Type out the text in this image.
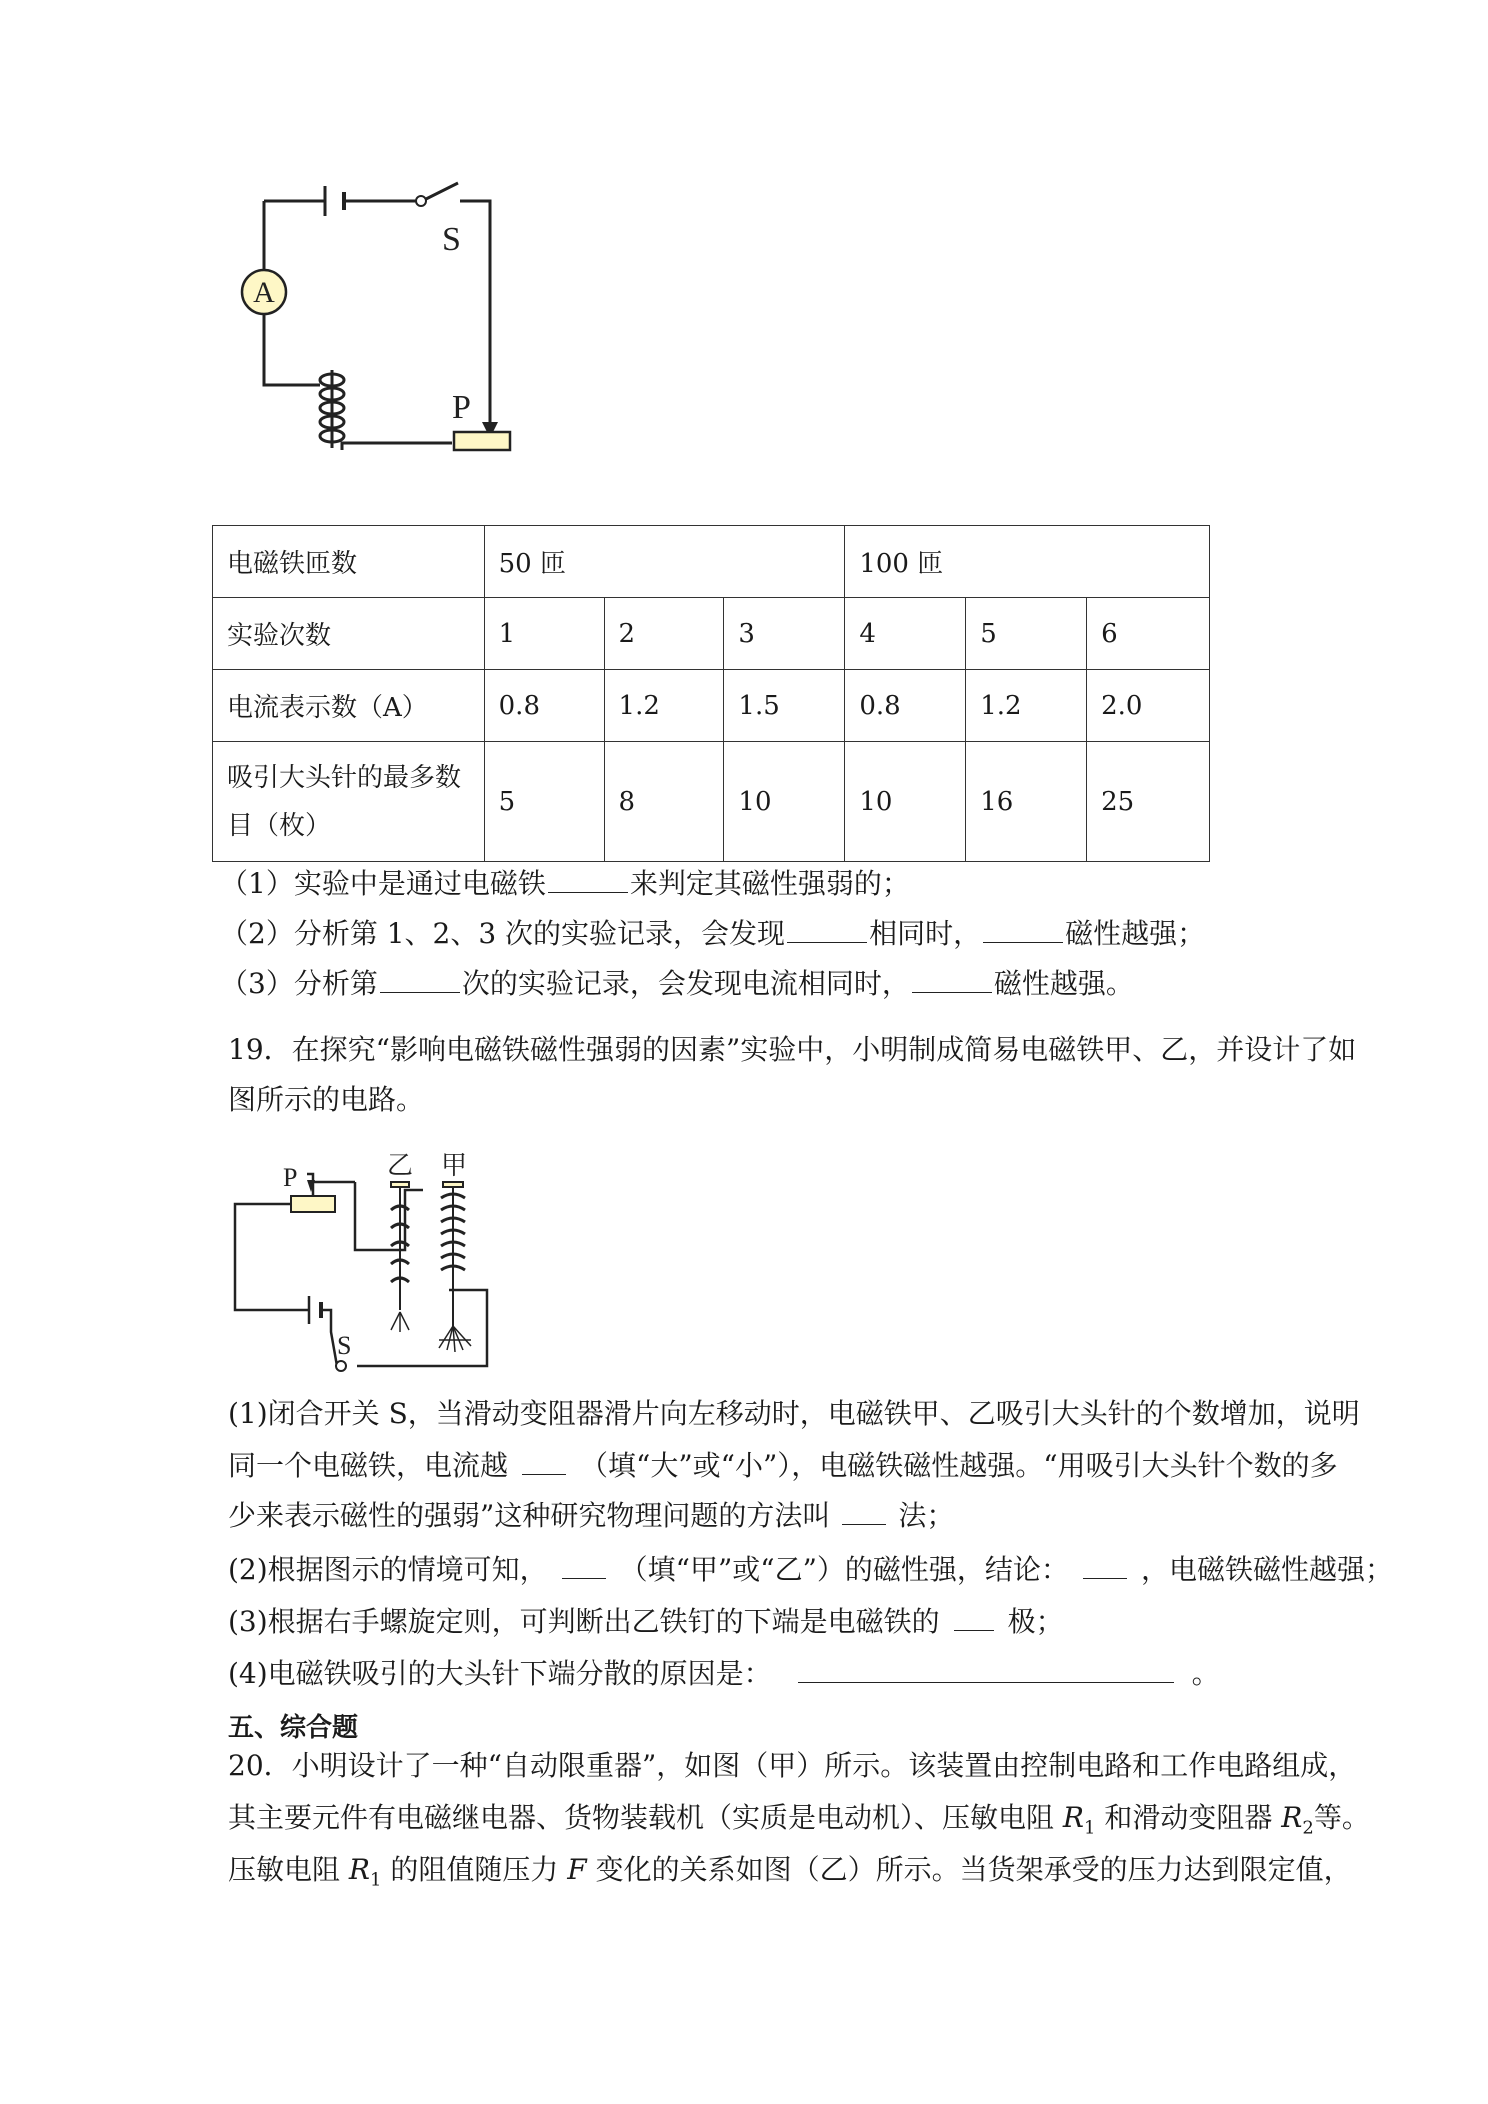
A
S
P
电磁铁匝数	50 匝			100 匝		
实验次数	1	2	3	4	5	6
电流表示数（A）	0.8	1.2	1.5	0.8	1.2	2.0
吸引大头针的最多数
目（枚）	5	8	10	10	16	25
（1）实验中是通过电磁铁	来判定其磁性强弱的；
（2）分析第 1、2、3 次的实验记录，会发现	相同时，	磁性越强；
（3）分析第	次的实验记录，会发现电流相同时，	磁性越强。
19．在探究“影响电磁铁磁性强弱的因素”实验中，小明制成简易电磁铁甲、乙，并设计了如
图所示的电路。
P	乙 甲
S
(1)闭合开关 S，当滑动变阻器滑片向左移动时，电磁铁甲、乙吸引大头针的个数增加，说明
同一个电磁铁，电流越	（填“大”或“小”），电磁铁磁性越强。“用吸引大头针个数的多
少来表示磁性的强弱”这种研究物理问题的方法叫 法；
(2)根据图示的情境可知，	（填“甲”或“乙”）的磁性强，结论：	，电磁铁磁性越强；
(3)根据右手螺旋定则，可判断出乙铁钉的下端是电磁铁的 极；
(4)电磁铁吸引的大头针下端分散的原因是：	。
五、综合题
20．小明设计了一种“自动限重器”，如图（甲）所示。该装置由控制电路和工作电路组成，
其主要元件有电磁继电器、货物装载机（实质是电动机）、压敏电阻 $R_1$ 和滑动变阻器 $R_2$等。
压敏电阻 $R_1$ 的阻值随压力 F 变化的关系如图（乙）所示。当货架承受的压力达到限定值，
